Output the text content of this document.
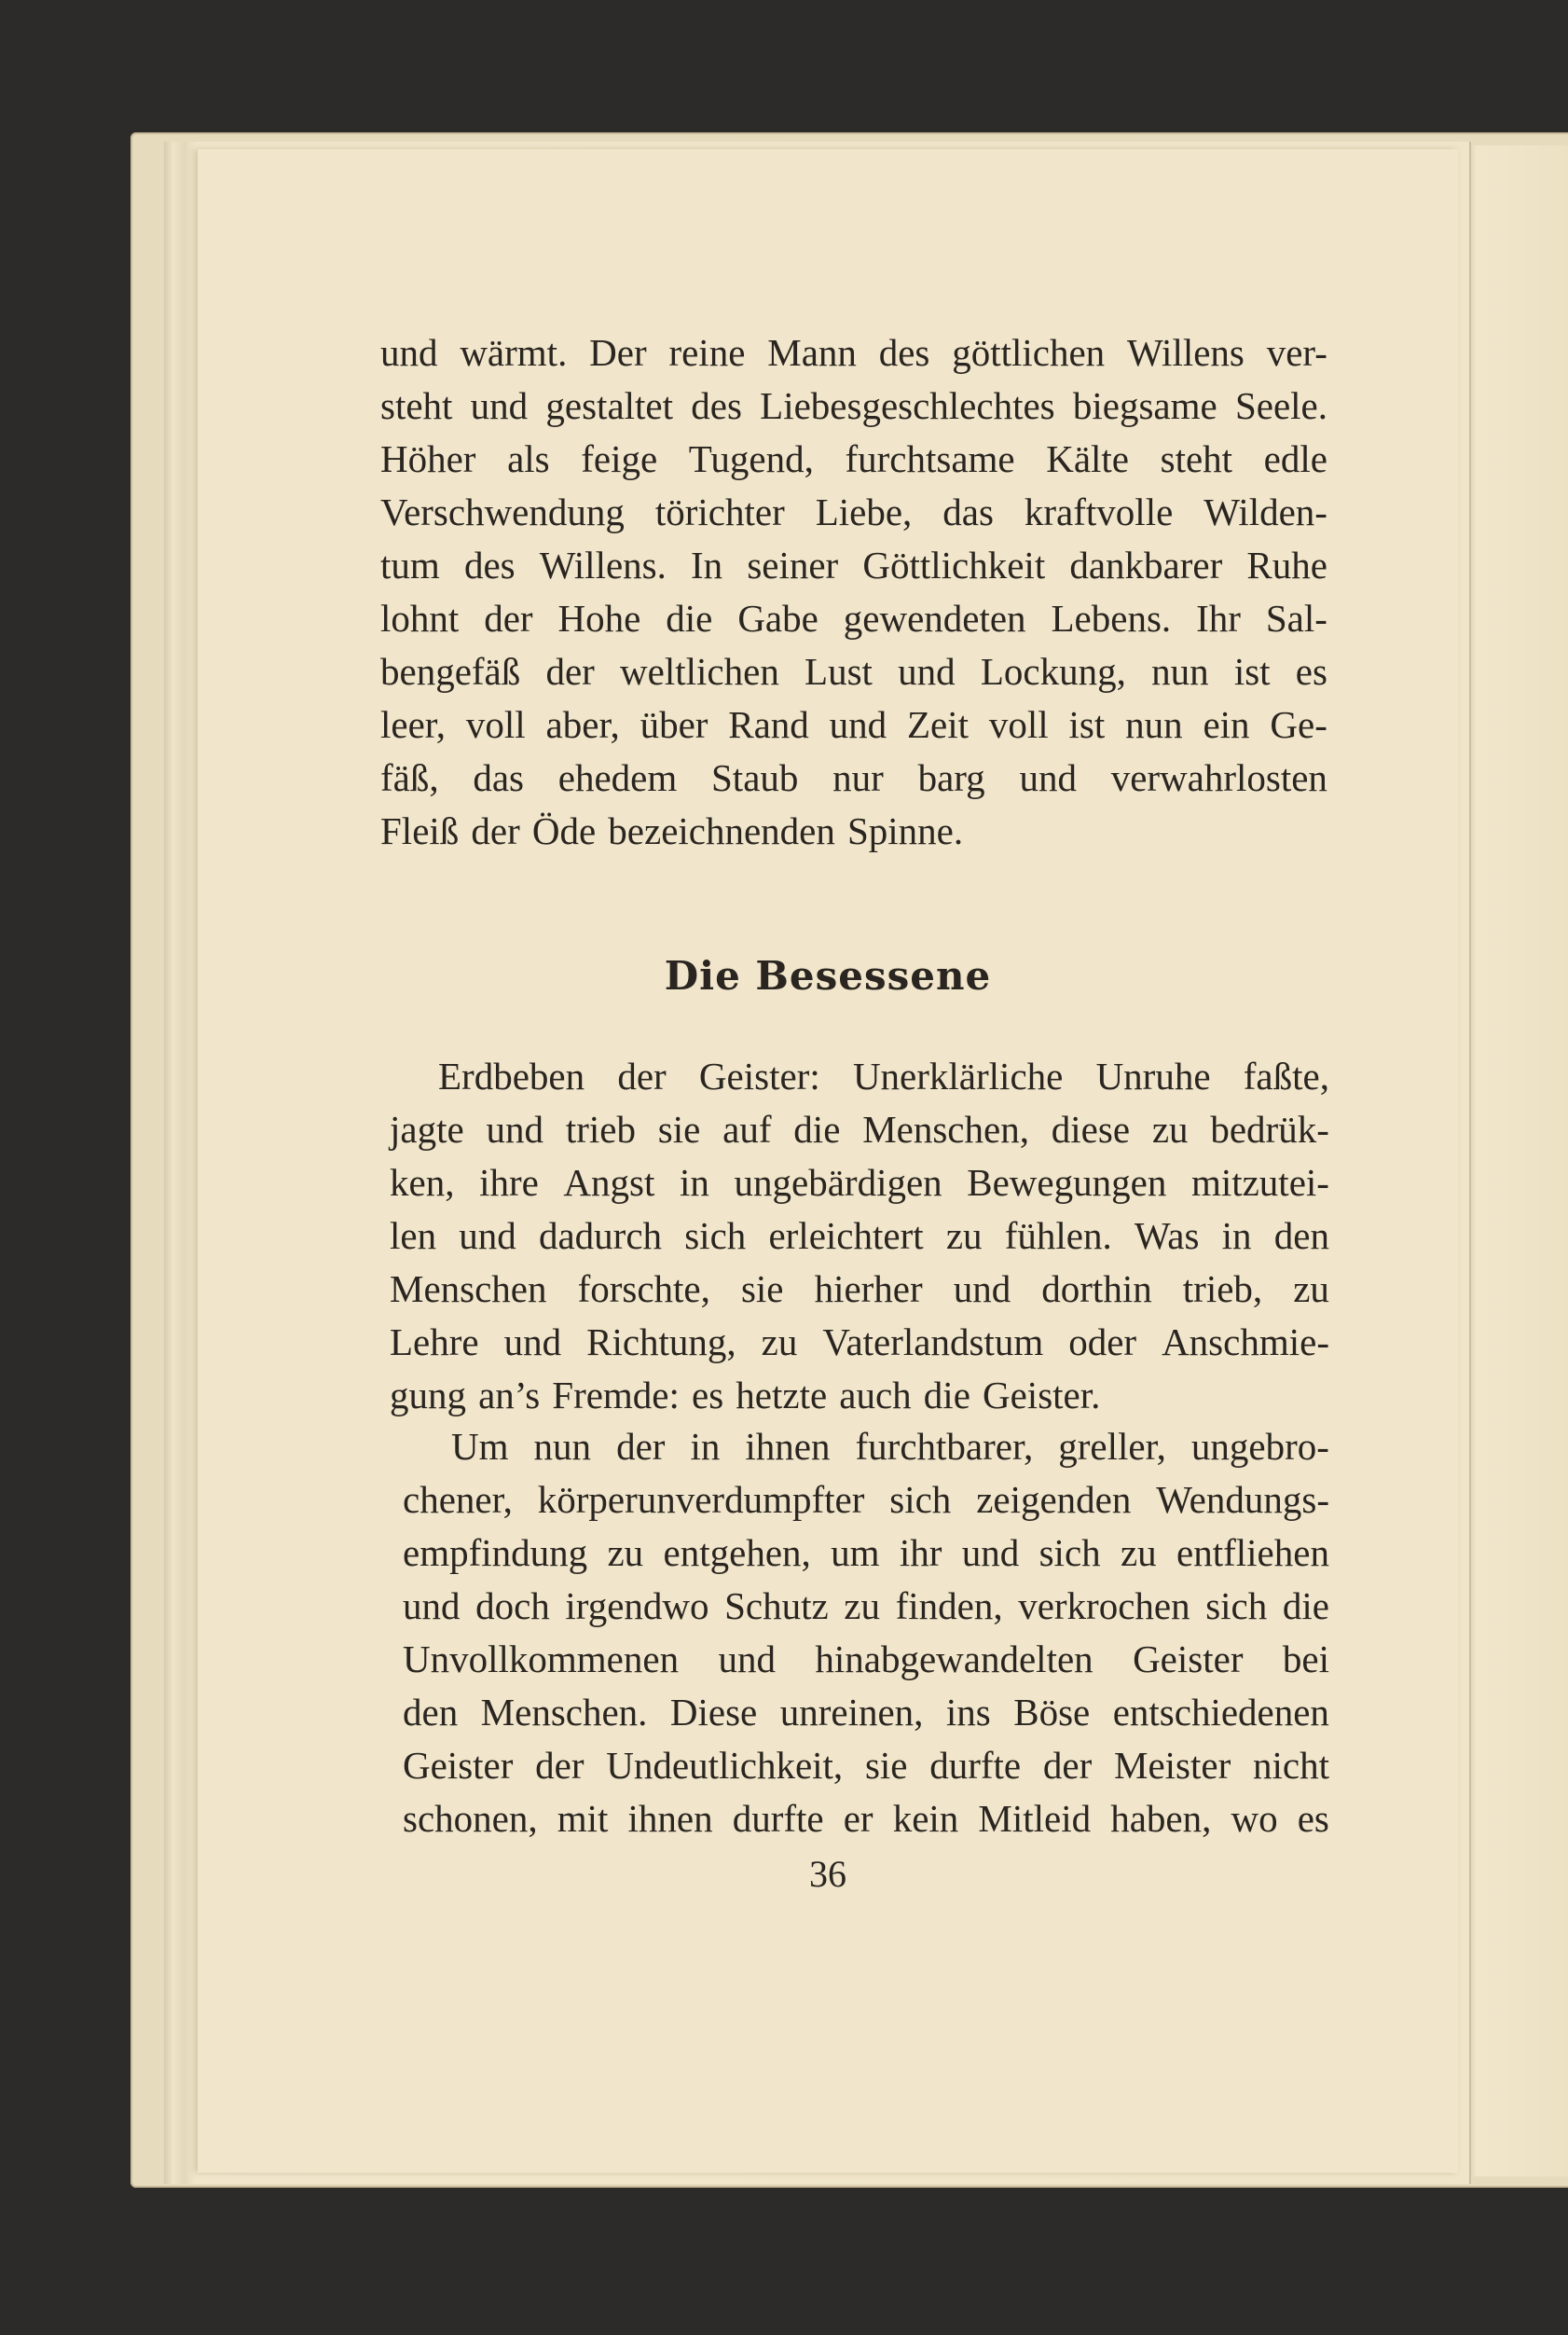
und wärmt. Der reine Mann des göttlichen Willens ver-
steht und gestaltet des Liebesgeschlechtes biegsame Seele.
Höher als feige Tugend, furchtsame Kälte steht edle
Verschwendung törichter Liebe, das kraftvolle Wilden-
tum des Willens. In seiner Göttlichkeit dankbarer Ruhe
lohnt der Hohe die Gabe gewendeten Lebens. Ihr Sal-
bengefäß der weltlichen Lust und Lockung, nun ist es
leer, voll aber, über Rand und Zeit voll ist nun ein Ge-
fäß, das ehedem Staub nur barg und verwahrlosten
Fleiß der Öde bezeichnenden Spinne.
Die Besessene
Erdbeben der Geister: Unerklärliche Unruhe faßte,
jagte und trieb sie auf die Menschen, diese zu bedrük-
ken, ihre Angst in ungebärdigen Bewegungen mitzutei-
len und dadurch sich erleichtert zu fühlen. Was in den
Menschen forschte, sie hierher und dorthin trieb, zu
Lehre und Richtung, zu Vaterlandstum oder Anschmie-
gung an’s Fremde: es hetzte auch die Geister.
Um nun der in ihnen furchtbarer, greller, ungebro-
chener, körperunverdumpfter sich zeigenden Wendungs-
empfindung zu entgehen, um ihr und sich zu entfliehen
und doch irgendwo Schutz zu finden, verkrochen sich die
Unvollkommenen und hinabgewandelten Geister bei
den Menschen. Diese unreinen, ins Böse entschiedenen
Geister der Undeutlichkeit, sie durfte der Meister nicht
schonen, mit ihnen durfte er kein Mitleid haben, wo es
36
